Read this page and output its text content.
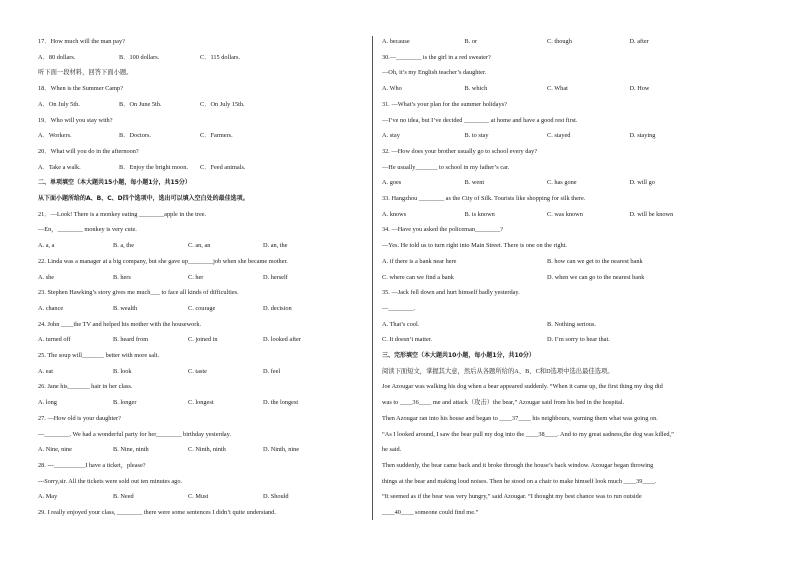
17．How much will the man pay?
A．80 dollars.	B．100 dollars.	C．115 dollars.
听下面一段材料，回答下面小题。
18．When is the Summer Camp?
A．On July 5th.	B．On June 5th.	C．On July 15th.
19．Who will you stay with?
A．Workers.	B．Doctors.	C．Farmers.
20．What will you do in the afternoon?
A．Take a walk.	B．Enjoy the bright moon. C．Feed animals.
二、单项填空（本大题共15小题，每小题1分，共15分）
从下面小题所给的A、B、C、D四个选项中，选出可以填入空白处的最佳选项。
21．—Look! There is a monkey eating ________apple in the tree.
—En，________ monkey is very cute.
A. a, a	B. a, the	C. an, an	D. an, the
22. Linda was a manager at a big company, but she gave up________job when she became mother.
A. she	B. hers	C. her	D. herself
23. Stephen Hawking’s story gives me much___ to face all kinds of difficulties.
A. chance	B. wealth	C. courage	D. decision
24. John ____the TV and helped his mother with the housework.
A. turned off	B. heard from	C. joined in	D. looked after
25. The soup will_______ better with more salt.
A. eat	B. look	C. taste	D. feel
26. Jane his_______ hair in her class.
A. long	B. longer	C. longest	D. the longest
27. —How old is your daughter?
—________. We had a wonderful party for her________ birthday yesterday.
A. Nine, nine	B. Nine, ninth	C. Ninth, ninth	D. Ninth, nine
28. ---__________I have a ticket，please?
---Sorry,sir. All the tickets were sold out ten minutes ago.
A. May	B. Need	C. Must	D. Should
29. I really enjoyed your class, ________ there were some sentences I didn’t quite understand.
A. because	B. or	C. though	D. after
30.—________ is the girl in a red sweater?
—Oh, it’s my English teacher’s daughter.
A. Who	B. which	C. What	D. How
31. —What’s your plan for the summer holidays?
—I’ve no idea, but I’ve decided ________ at home and have a good rest first.
A. stay	B. to stay	C. stayed	D. staying
32. —How does your brother usually go to school every day?
—He usually_______ to school in my father’s car.
A. goes	B. went	C. has gone	D. will go
33. Hangzhou ________ as the City of Silk. Tourists like shopping for silk there.
A. knows	B. is known	C. was known	D. will be known
34. —Have you asked the policeman________?
—Yes. He told us to turn right into Main Street. There is one on the right.
A. if there is a bank near here	B. how can we get to the nearest bank
C. where can we find a bank	D. when we can go to the nearest bank
35. —Jack fell down and hurt himself badly yesterday.
—________.
A. That’s cool.	B. Nothing serious.
C. It doesn’t matter.	D. I’m sorry to hear that.
三、完形填空（本大题共10小题，每小题1分，共10分）
阅读下面短文，掌握其大意，然后从各题所给的A、B、C和D选项中选出最佳选项。
Joe Azougar was walking his dog when a bear appeared suddenly. “When it came up, the first thing my dog did
was to ____36____ me and attack（攻击）the bear,” Azougar said from his bed in the hospital.
Then Azougar ran into his house and began to ____37____ his neighbours, warning them what was going on.
“As I looked around, I saw the bear pull my dog into the ____38____. And to my great sadness,the dog was killed,”
he said.
Then suddenly, the bear came back and it broke through the house’s back window. Azougar began throwing
things at the bear and making loud noises. Then he stood on a chair to make himself look much ____39____.
“It seemed as if the bear was very hungry,” said Azougar. “I thought my best chance was to run outside
____40____ someone could find me.”
